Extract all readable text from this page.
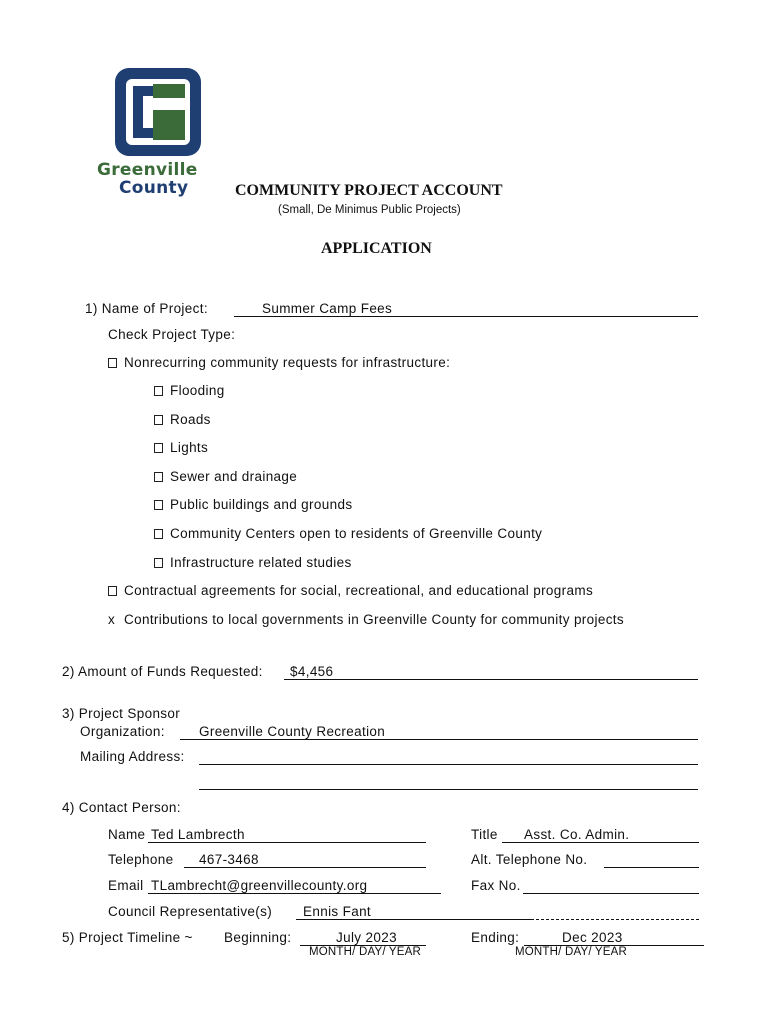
Greenville
County	COMMUNITY PROJECT ACCOUNT
(Small, De Minimus Public Projects)
APPLICATION
1) Name of Project:	Summer Camp Fees
Check Project Type:
Nonrecurring community requests for infrastructure:
Flooding
Roads
Lights
Sewer and drainage
Public buildings and grounds
Community Centers open to residents of Greenville County
Infrastructure related studies
Contractual agreements for social, recreational, and educational programs
x Contributions to local governments in Greenville County for community projects
2) Amount of Funds Requested: $4,456
3) Project Sponsor
Organization:	Greenville County Recreation
Mailing Address:
4) Contact Person:
Name Ted Lambrecth	Title Asst. Co. Admin.
Telephone 467-3468	Alt. Telephone No.
Email TLambrecht@greenvillecounty.org	Fax No.
Council Representative(s) Ennis Fant
5) Project Timeline ~ Beginning:	July 2023
MONTH/ DAY/ YEAR
Ending:	Dec 2023
MONTH/ DAY/ YEAR
